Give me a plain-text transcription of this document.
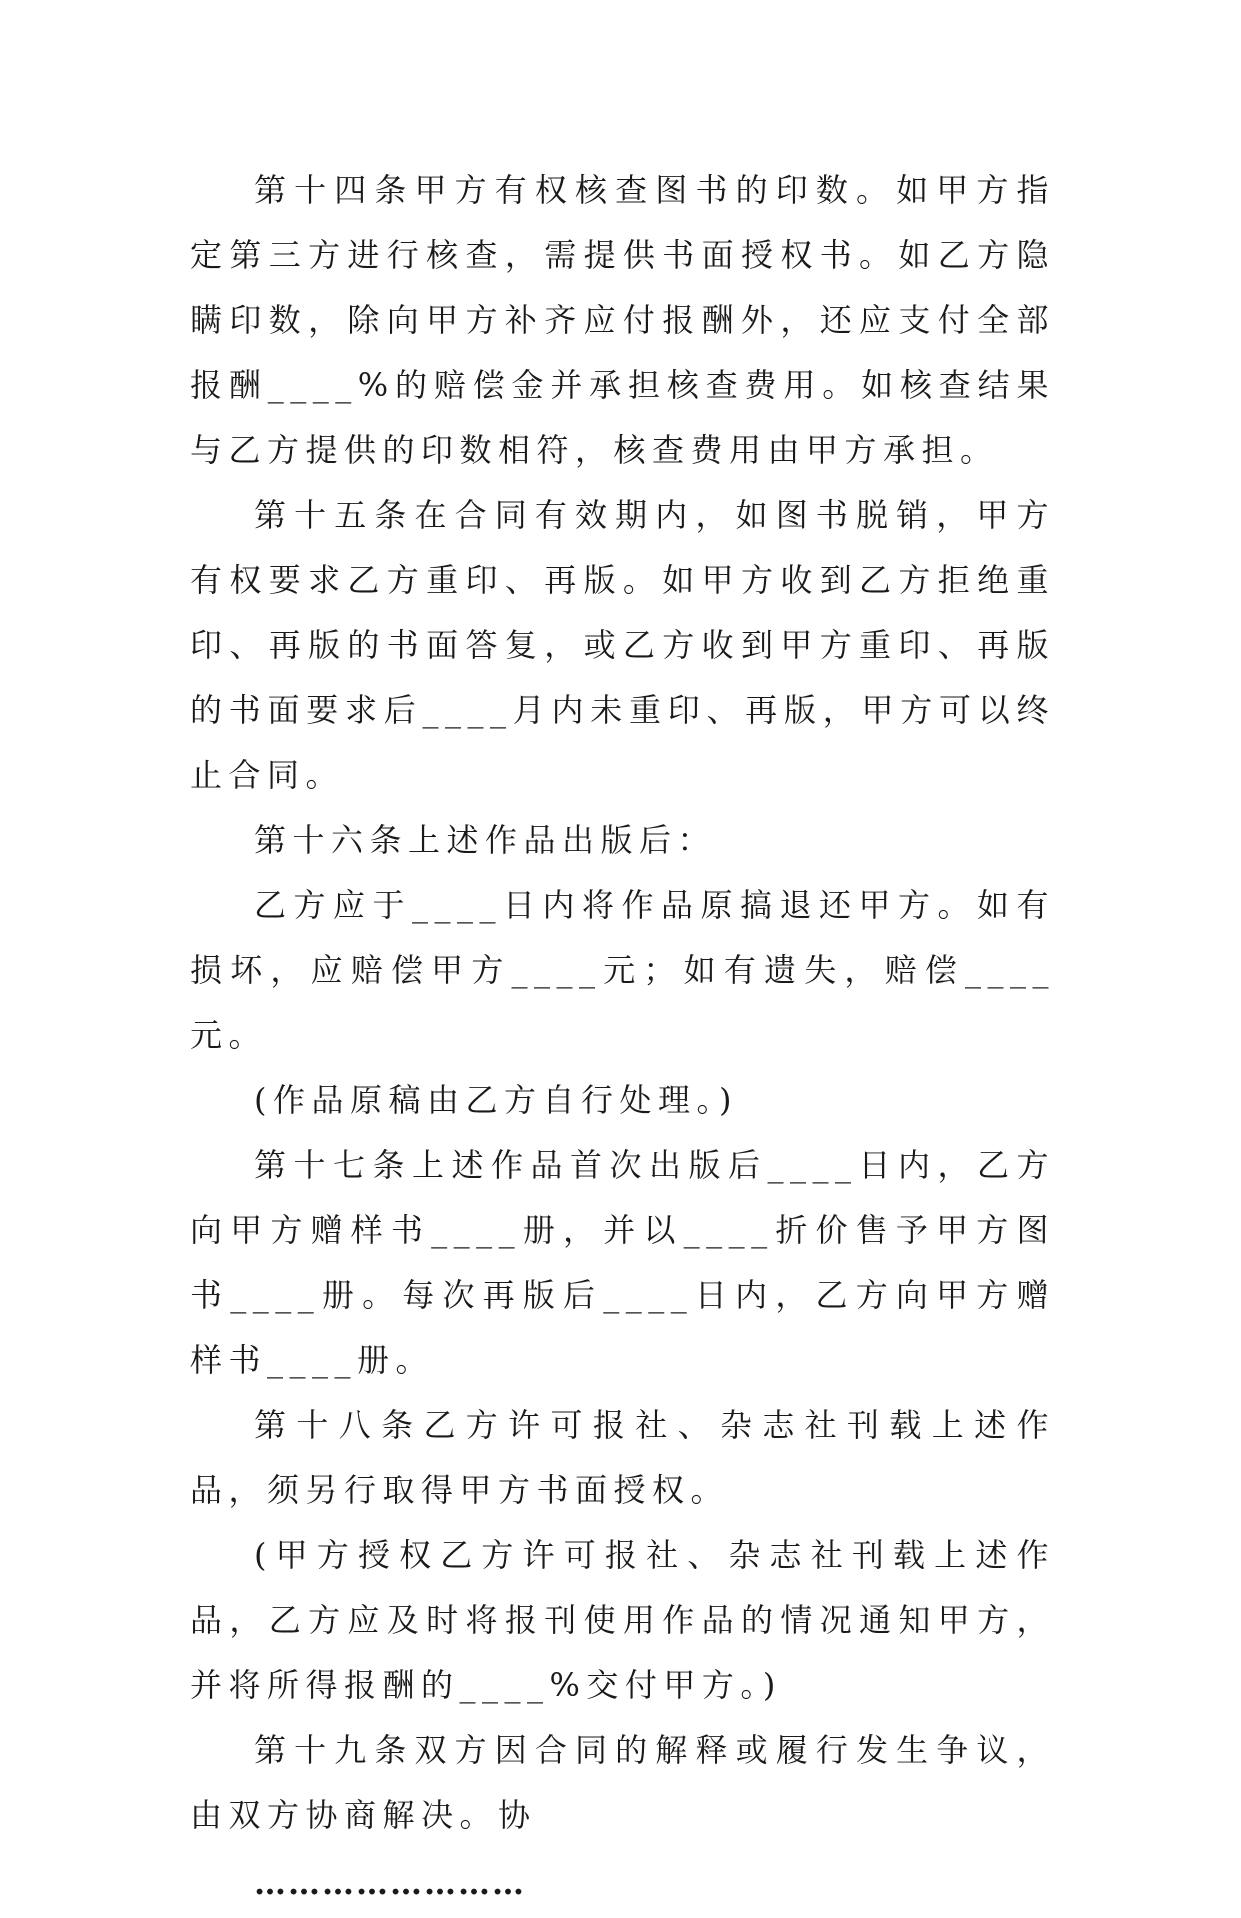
第十四条甲方有权核查图书的印数。如甲方指定第三方进行核查，需提供书面授权书。如乙方隐瞒印数，除向甲方补齐应付报酬外，还应支付全部报酬____%的赔偿金并承担核查费用。如核查结果与乙方提供的印数相符，核查费用由甲方承担。

第十五条在合同有效期内，如图书脱销，甲方有权要求乙方重印、再版。如甲方收到乙方拒绝重印、再版的书面答复，或乙方收到甲方重印、再版的书面要求后____月内未重印、再版，甲方可以终止合同。

第十六条上述作品出版后：

乙方应于____日内将作品原搞退还甲方。如有损坏，应赔偿甲方____元；如有遗失，赔偿____元。

(作品原稿由乙方自行处理。)

第十七条上述作品首次出版后____日内，乙方向甲方赠样书____册，并以____折价售予甲方图书____册。每次再版后____日内，乙方向甲方赠样书____册。

第十八条乙方许可报社、杂志社刊载上述作品，须另行取得甲方书面授权。

(甲方授权乙方许可报社、杂志社刊载上述作品，乙方应及时将报刊使用作品的情况通知甲方，并将所得报酬的____%交付甲方。)

第十九条双方因合同的解释或履行发生争议，由双方协商解决。协

……………………
